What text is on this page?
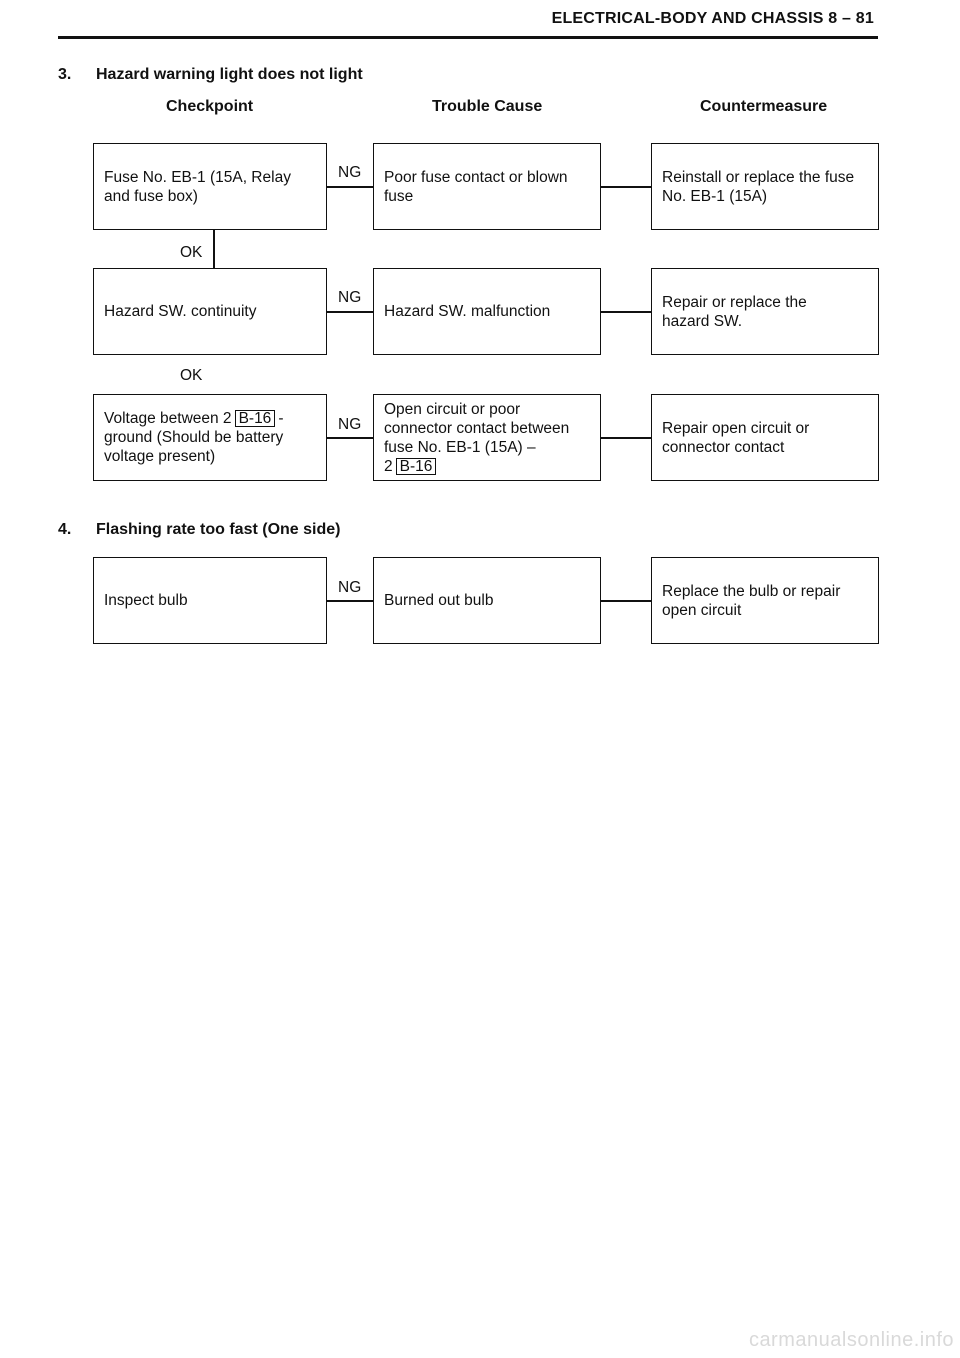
ELECTRICAL-BODY AND CHASSIS 8 – 81
3. Hazard warning light does not light
Checkpoint	Trouble Cause	Countermeasure
Fuse No. EB-1 (15A, Relay
and fuse box)
NG Poor fuse contact or blown
fuse
Reinstall or replace the fuse
No. EB-1 (15A)
OK
Hazard SW. continuity
NG
Hazard SW. malfunction
Repair or replace the
hazard SW.
OK
Voltage between 2 B-16 -
ground (Should be battery
voltage present)
NG
Open circuit or poor
connector contact between
fuse No. EB-1 (15A) –
2 B-16
Repair open circuit or
connector contact
4. Flashing rate too fast (One side)
Inspect bulb
NG
Burned out bulb
Replace the bulb or repair
open circuit
carmanualsonline.info
